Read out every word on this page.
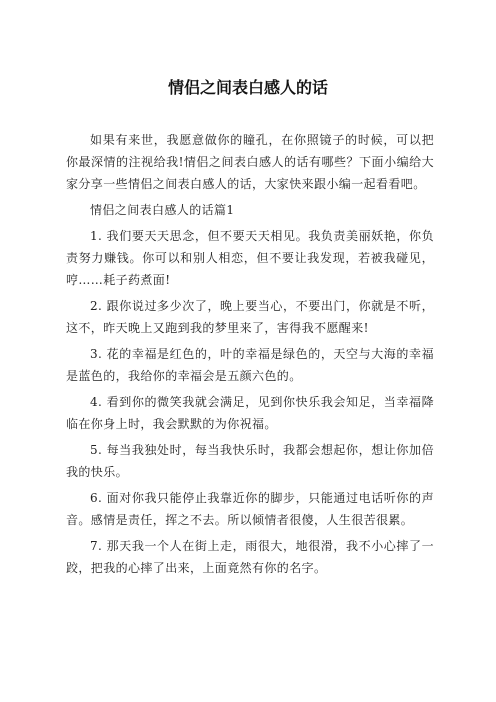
情侣之间表白感人的话

如果有来世，我愿意做你的瞳孔，在你照镜子的时候，可以把你最深情的注视给我!情侣之间表白感人的话有哪些？下面小编给大家分享一些情侣之间表白感人的话，大家快来跟小编一起看看吧。

情侣之间表白感人的话篇1

1. 我们要天天思念，但不要天天相见。我负责美丽妖艳，你负责努力赚钱。你可以和别人相恋，但不要让我发现，若被我碰见，哼……耗子药煮面!

2. 跟你说过多少次了，晚上要当心，不要出门，你就是不听，这不，昨天晚上又跑到我的梦里来了，害得我不愿醒来!

3. 花的幸福是红色的，叶的幸福是绿色的，天空与大海的幸福是蓝色的，我给你的幸福会是五颜六色的。

4. 看到你的微笑我就会满足，见到你快乐我会知足，当幸福降临在你身上时，我会默默的为你祝福。

5. 每当我独处时，每当我快乐时，我都会想起你，想让你加倍我的快乐。

6. 面对你我只能停止我靠近你的脚步，只能通过电话听你的声音。感情是责任，挥之不去。所以倾情者很傻，人生很苦很累。

7. 那天我一个人在街上走，雨很大，地很滑，我不小心摔了一跤，把我的心摔了出来，上面竟然有你的名字。
